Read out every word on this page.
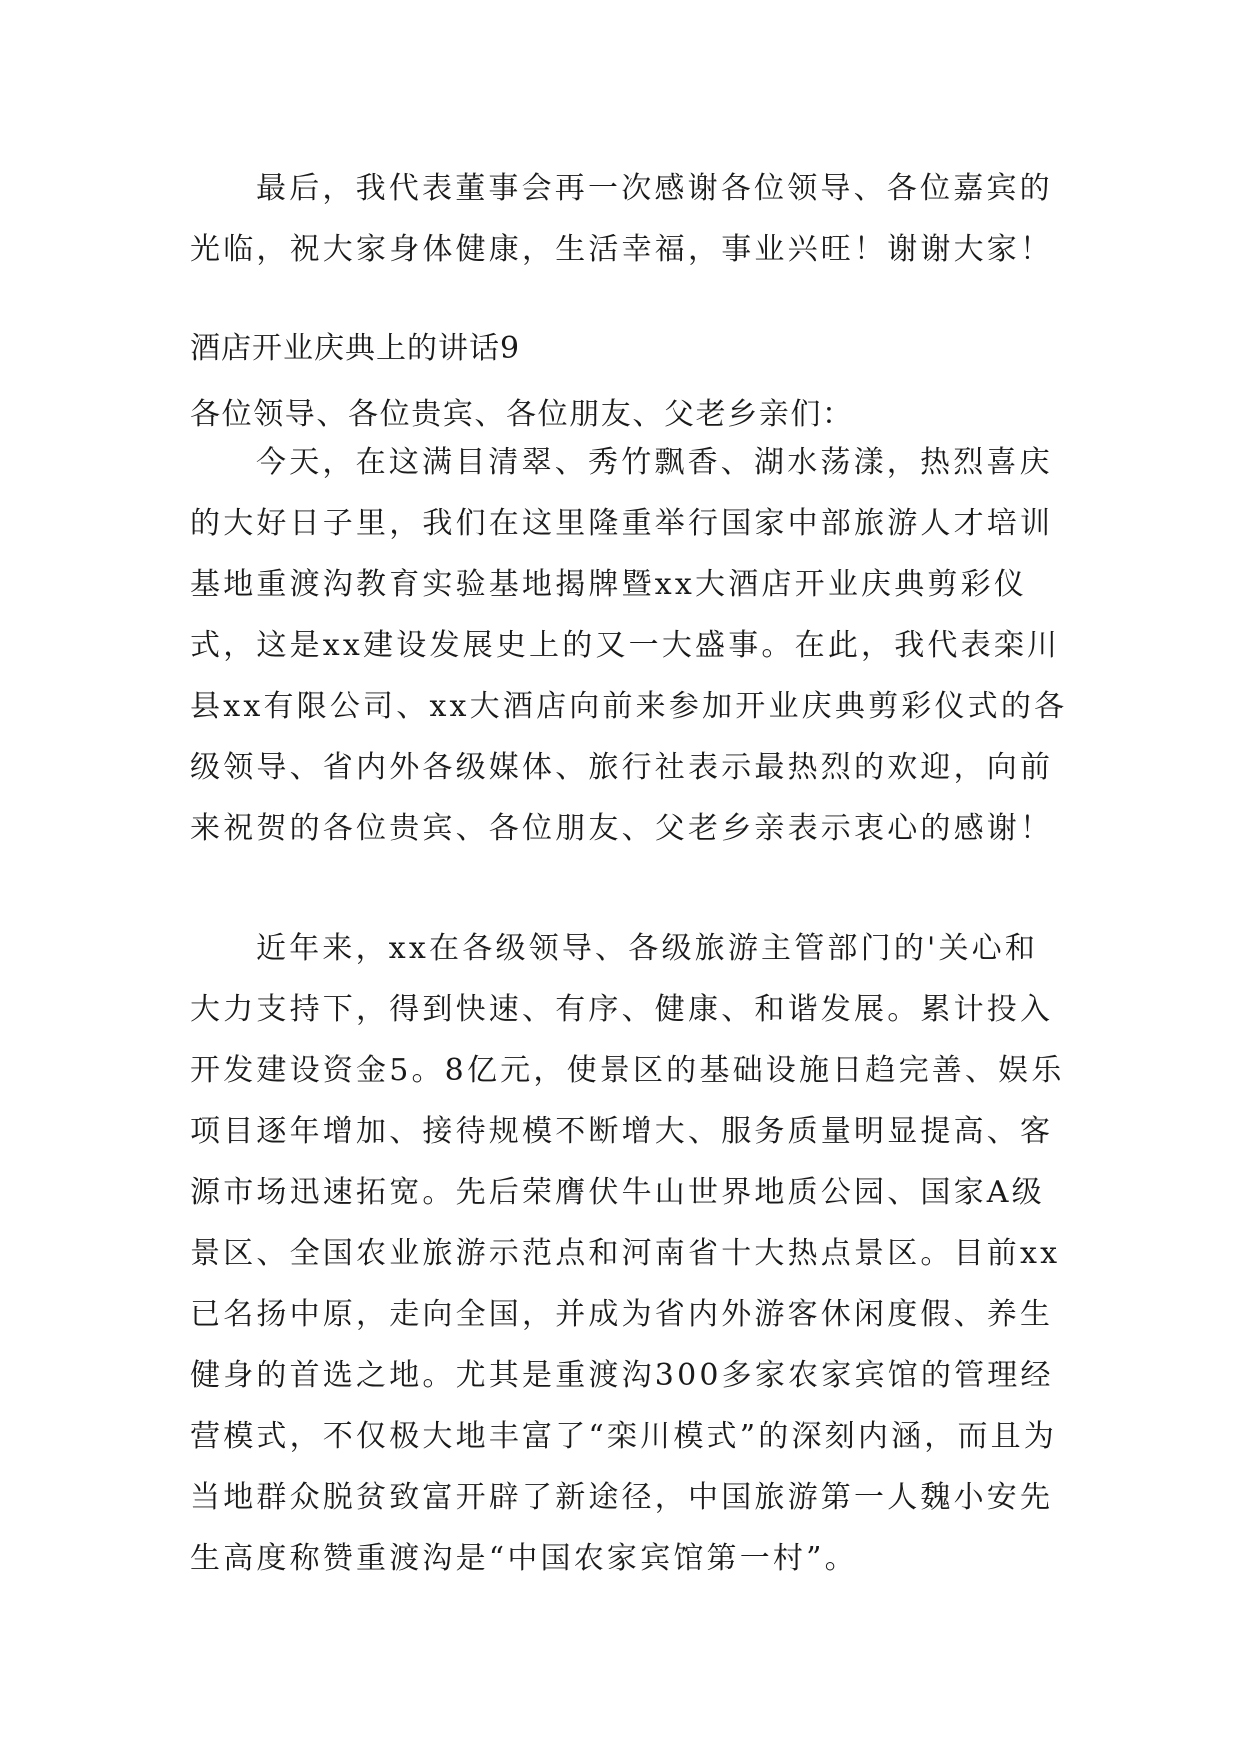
最后，我代表董事会再一次感谢各位领导、各位嘉宾的光临，祝大家身体健康，生活幸福，事业兴旺！谢谢大家！

酒店开业庆典上的讲话9

各位领导、各位贵宾、各位朋友、父老乡亲们：

今天，在这满目清翠、秀竹飘香、湖水荡漾，热烈喜庆的大好日子里，我们在这里隆重举行国家中部旅游人才培训基地重渡沟教育实验基地揭牌暨xx大酒店开业庆典剪彩仪式，这是xx建设发展史上的又一大盛事。在此，我代表栾川县xx有限公司、xx大酒店向前来参加开业庆典剪彩仪式的各级领导、省内外各级媒体、旅行社表示最热烈的欢迎，向前来祝贺的各位贵宾、各位朋友、父老乡亲表示衷心的感谢！

近年来，xx在各级领导、各级旅游主管部门的'关心和大力支持下，得到快速、有序、健康、和谐发展。累计投入开发建设资金5。8亿元，使景区的基础设施日趋完善、娱乐项目逐年增加、接待规模不断增大、服务质量明显提高、客源市场迅速拓宽。先后荣膺伏牛山世界地质公园、国家A级景区、全国农业旅游示范点和河南省十大热点景区。目前xx已名扬中原，走向全国，并成为省内外游客休闲度假、养生健身的首选之地。尤其是重渡沟300多家农家宾馆的管理经营模式，不仅极大地丰富了“栾川模式”的深刻内涵，而且为当地群众脱贫致富开辟了新途径，中国旅游第一人魏小安先生高度称赞重渡沟是“中国农家宾馆第一村”。
